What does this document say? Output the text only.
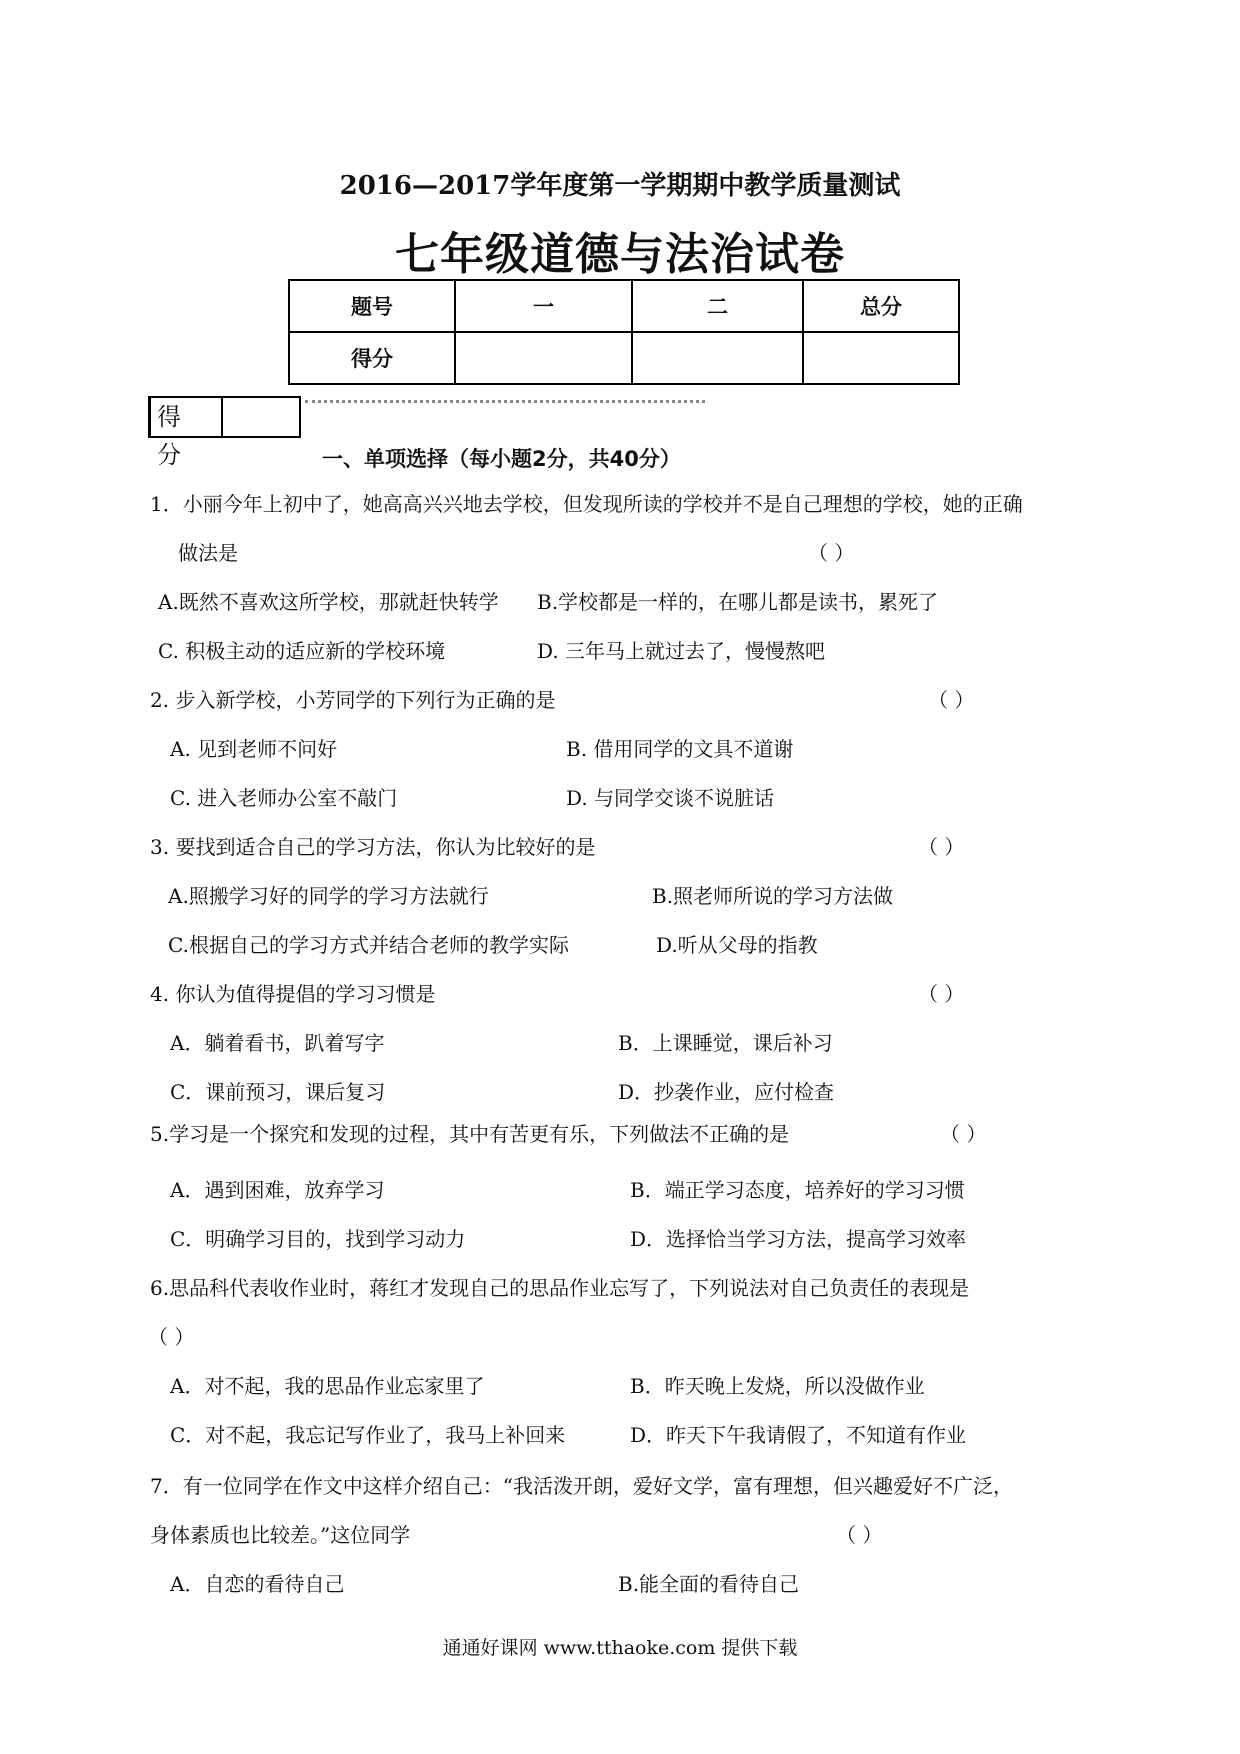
2016—2017学年度第一学期期中教学质量测试
七年级道德与法治试卷
题号	一	二	总分
得分			
得分	一、单项选择（每小题2分，共40分）
1．小丽今年上初中了，她高高兴兴地去学校，但发现所读的学校并不是自己理想的学校，她的正确
做法是	（ ）
A.既然不喜欢这所学校，那就赶快转学 B.学校都是一样的，在哪儿都是读书，累死了
C. 积极主动的适应新的学校环境	D. 三年马上就过去了，慢慢熬吧
2. 步入新学校，小芳同学的下列行为正确的是	（ ）
A. 见到老师不问好	B. 借用同学的文具不道谢
C. 进入老师办公室不敲门	D. 与同学交谈不说脏话
3. 要找到适合自己的学习方法，你认为比较好的是	（ ）
A.照搬学习好的同学的学习方法就行	B.照老师所说的学习方法做
C.根据自己的学习方式并结合老师的教学实际	D.听从父母的指教
4. 你认为值得提倡的学习习惯是	（ ）
A．躺着看书，趴着写字	B．上课睡觉，课后补习
C．课前预习，课后复习	D．抄袭作业，应付检查
5.学习是一个探究和发现的过程，其中有苦更有乐，下列做法不正确的是	（ ）
A．遇到困难，放弃学习	B．端正学习态度，培养好的学习习惯
C．明确学习目的，找到学习动力	D．选择恰当学习方法，提高学习效率
6.思品科代表收作业时，蒋红才发现自己的思品作业忘写了，下列说法对自己负责任的表现是
（ ）
A．对不起，我的思品作业忘家里了	B．昨天晚上发烧，所以没做作业
C．对不起，我忘记写作业了，我马上补回来	D．昨天下午我请假了，不知道有作业
7．有一位同学在作文中这样介绍自己：“我活泼开朗，爱好文学，富有理想，但兴趣爱好不广泛，
身体素质也比较差。”这位同学	（ ）
A．自恋的看待自己	B.能全面的看待自己
通通好课网 www.tthaoke.com 提供下载
